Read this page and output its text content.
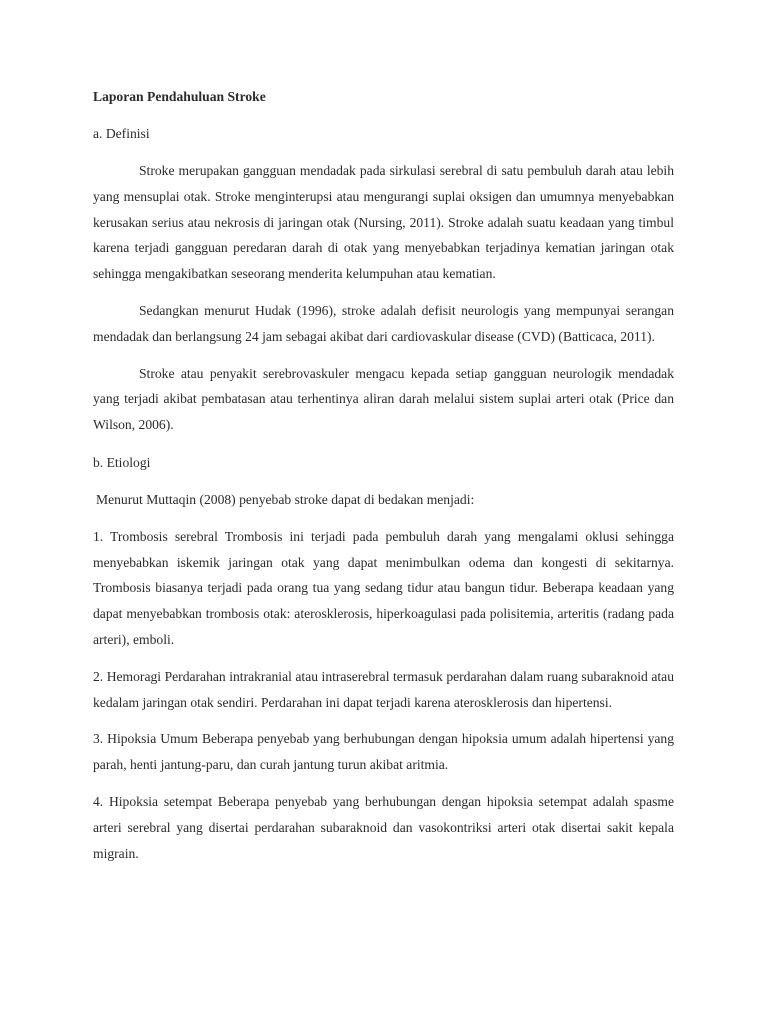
Laporan Pendahuluan Stroke
a. Definisi

Stroke merupakan gangguan mendadak pada sirkulasi serebral di satu pembuluh darah atau lebih yang mensuplai otak. Stroke menginterupsi atau mengurangi suplai oksigen dan umumnya menyebabkan kerusakan serius atau nekrosis di jaringan otak (Nursing, 2011). Stroke adalah suatu keadaan yang timbul karena terjadi gangguan peredaran darah di otak yang menyebabkan terjadinya kematian jaringan otak sehingga mengakibatkan seseorang menderita kelumpuhan atau kematian.

Sedangkan menurut Hudak (1996), stroke adalah defisit neurologis yang mempunyai serangan mendadak dan berlangsung 24 jam sebagai akibat dari cardiovaskular disease (CVD) (Batticaca, 2011).

Stroke atau penyakit serebrovaskuler mengacu kepada setiap gangguan neurologik mendadak yang terjadi akibat pembatasan atau terhentinya aliran darah melalui sistem suplai arteri otak (Price dan Wilson, 2006).

b. Etiologi

Menurut Muttaqin (2008) penyebab stroke dapat di bedakan menjadi:

1. Trombosis serebral Trombosis ini terjadi pada pembuluh darah yang mengalami oklusi sehingga menyebabkan iskemik jaringan otak yang dapat menimbulkan odema dan kongesti di sekitarnya. Trombosis biasanya terjadi pada orang tua yang sedang tidur atau bangun tidur. Beberapa keadaan yang dapat menyebabkan trombosis otak: aterosklerosis, hiperkoagulasi pada polisitemia, arteritis (radang pada arteri), emboli.

2. Hemoragi Perdarahan intrakranial atau intraserebral termasuk perdarahan dalam ruang subaraknoid atau kedalam jaringan otak sendiri. Perdarahan ini dapat terjadi karena aterosklerosis dan hipertensi.

3. Hipoksia Umum Beberapa penyebab yang berhubungan dengan hipoksia umum adalah hipertensi yang parah, henti jantung-paru, dan curah jantung turun akibat aritmia.

4. Hipoksia setempat Beberapa penyebab yang berhubungan dengan hipoksia setempat adalah spasme arteri serebral yang disertai perdarahan subaraknoid dan vasokontriksi arteri otak disertai sakit kepala migrain.
